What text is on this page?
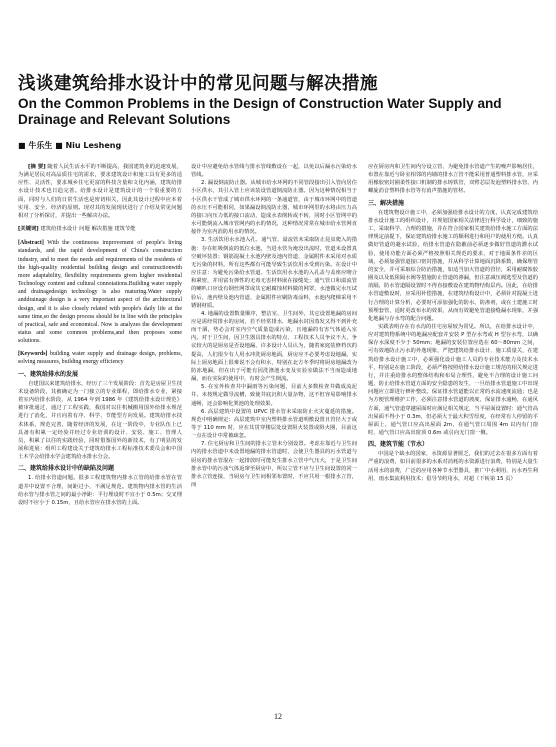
浅谈建筑给排水设计中的常见问题与解决措施
On the Common Problems in the Design of Construction Water Supply and Drainage and Relevant Solutions
■ 牛乐生 ■ Niu Lesheng

[摘 要] 随着人民生活水平的不断提高，我国建筑业的迅速发展，为满足居民对高品质住宅的需求，要求建筑设计和施工具有更多的适应性、灵活性，要求城乡住宅更富的科技含量和文化内涵，建筑给排水设计技术也日趋完善。给排水设计是建筑设计的一个很重要的方面，同时与人们的日常生活也是密切相关，因此其设计过程中应本着实用、安全、经济的原则。现对其的发展现状进行了介绍及常见问题相对了分析探讨，并提出一些解决办法。

[关键词] 建筑给排水设计 问题 解决措施 建筑节能

[Abstract] With the continuous improvement of people's living standards, and the rapid development of China's construction industry, and to meet the needs and requirements of the residents of the high-quality residential building design and constructionwith more adaptability, flexibility requirements given higher residential Technology content and cultural connotations.Building water supply and drainagedesign technology is also maturing.Water supply anddrainage design is a very important aspect of the architectural design, and it is also closely related with people's daily life at the same time,so the design process should be in line with the principles of practical, safe and economical. Now is analyzes the development status and some common problems,and then proposes some solutions.

[Keywords] building water supply and drainage design, problems, solving measures, building energy efficiency

一、建筑给排水的发展

自建国以来建筑给排水，经历了三个发展阶段：首先是房屋卫生技术设备阶段，其被确定为一门独立的专业课程，即给排水专业，紧接着室内给排水阶段，从 1964 年到 1986 年《建筑给排水设计规范》被审批通过，通过了工程实践，我国对以往机械搬用国外给排水规范进行了消化，并且向着有序、科学、节能型方向发展。建筑给排水技术体系，规范完善，随着经济的发展，在这一阶段中，专业队伍上已具备有积累一定经验并经过专业培训的设计、安装、施工、管理人员，积累了以往的实践经验，同时借鉴国外的新技术，有了明显的发展和进展：组织工程建设关于建筑给排水工程标准技术委员会和中国土木学会给排水学会建筑给水排水分会。

二、建筑给排水设计中的缺陷及问题

1. 给排水管道问题。很多工程建筑物内排水立管的给排水管在管道井中设置不合理，间距过小，不满足规范。建筑物内排水管的生活给水管与排水管之间的最小净距：平行埋设时不宜小于 0.5m；交叉埋设时不应小于 0.15m，且给水管应在排水管的上面。

设计中应避免给水管线与排水管线敷设在一起，以免以后漏水污染给水管线。

2. 漏设倒流防止器。从城市给水环网的不同管段接出引入管向居住小区供水，其引入管上应该装设管道倒流防止器。因为这种情况相当于小区供水干管成了城市供水环网的一条通道管，由于城市环网中的管道的水压不可能相同，如果漏设倒流防止器，城市环网里的水将由压力高的接口向压力低的接口流动，造成水表倒转或不转，同时小区管网中的水可能倒流入城市管网内的水的情况，这种情况常常在城市给水管网直接作为室内消防用水的情况。

3. 生活饮用水水池入孔、通气管、溢流管未采取防止昆虫爬入的措施：存在虹吸倒流的低位水池，当进水管为淹没出流时，管道未设置真空破坏装置；钢筋混凝土水池内壁及池内管道、金属附件未采用对水质无污染的材料。所有这些都有可能导致生活饮用水受到污染。在设计中应注意：为避免污染给水管道、生活饮用水水池的入孔盖与盖座应吻合和紧密，并用富有弹性的无毒无害材料嵌在接缝处；通气管口和溢流管的喇叭口应设有钢丝网罩或其它耐腐蚀材料做的网罩，水池做完水压试验后，池内壁及池内管道、金属附件应刷防毒涂料，水池内爬梯采用不锈钢材质。

4. 地漏的设置数量顺序，整洁室、卫生间外，其它设置地漏的房间应是需经常排水的房间，若不经常排水，地漏水封因蒸发又得不到补充而干涸，势必会对室内空气质量造成污染，且地漏的有害气体通入室内。对于卫生间，因卫生器具排水的特点，工程技术人员争议不大，争议较大的是厨房是否设地漏，许多设计人员认为，随着家庭装修档次的提高，人们很少有人用水冲洗厨房地面，厨房应不必要考虑设地漏。实际上厨房地面上很难说不会有积水，特别在北方冬季时将厨房地漏改为防冻地漏，但在出于可能有因洗涤池水变及实验室做法不当而造成地漏，而在实际的使用中，有时会产生倒流。

5. 在室外检查井中漏雨等污染问题，目前大多数检查井做成流泥井，未按规定做导流槽，致使井底沉积大量杂物，这不但容易影响排水通畅，还会影响化粪池的处理效果。

6. 高层建筑中设置的 UPVC 排水管未采取防止火灾蔓延的措施。规范中明确规定：高层建筑中室内塑料排水管道明敷设置且管径大于或等于 110 mm 时，应在其贯穿楼层处设置阻火装置或阻火圈，目前这一点在设计中常被疏忽。

7. 住宅厨房和卫生间的排水立管未分别设置。考虑在靠近与卫生间内的排水管道中未设置地漏的排水管道时，会使卫生器具的污水管道与厨房的排水管混在一起排放时可能发生排水立管中气压大，于是卫生间排水管中的污浊气体返窜至厨房中，所以立管不应与卫生间设置的同一排水立管连接，当厨房与卫生间相邻布置时，不应共用一根排水立管，而

应在厨房内和卫生间内分设立管，为避免排水管道产生的噪声影响居住，布置在靠近与卧室相邻的内墙的排水立管不能采用普通塑料排水管，应采用橡胶密封圈柔性接口机制的排水铸铁管，双臂芯层发泡塑料排水管、内螺旋消音塑料排水管等有消声措施的管材。

三、解决措施

在建筑物设计施工中，必须加强给排水设计的力度，认真完成建筑给排水设计施工的组织设计，并规划国家相关法律进行科学设计，细致的施工，采取科学、合理的措施，并在符合国家相关建筑给排水施工方面的法律规定前提下，保证建筑给排水施工的顺利进行和用户的使用方便。认真做好管道的避水试验，给排水管道在隐蔽前必须逐步做好管道的灌水试验，使用功能方面必须严格按照相关规范的要求，对于地面条件差的区域，必须加强管道接口密封措施，并从科学计算地面沉降系数，确保埋管的安全，并可采取综合防治措施，如适当加大管道的管径，采用耐腐蚀胶圈及以及低阻隔水阀等措施防止管道的渗漏，但注意减压阀选型及管道的消隔，防水管道隔设置时不得直接敷设在建筑物结构层内。因此，在给排水管道敷设时，应采用补偿措施，在建筑结构设计中，必须针对混凝土进行合理的计算分析，必要时可添加强化的防水、防渗剂，或在土建施工时预埋套管，适时更改布水的效果，从而有效避免管道接缝漏水现象，并强化地漏与存水弯的配合问题。

实践表明存在有水沟的住宅房屋较为常见。所以，在给排水设计中，应对建筑物系统中的地漏应配套并安装 P 型存水弯或 H 型存水弯，以确保存水深度不少于 50mm；地漏的安装位置应选在 60～80mm 之间，可有效地防止污水的外逸现象，严把建筑给排水设计、施工质量关，在建筑给排水设计施工中，必须强化设计施工人员的专业技术能力及技术水平，特别是在施工阶段，必须严格按照给排水设计施工规范的相关规定进行，并注重给排水的整体结构和布局合理性，避免不合理的设计施工问题，防止给排水管道方面的安全隐患的发生，一旦给排水管道施工中出现问题应立即进行修补整改。保证排水管道能以正常的水流速度流通；也是为方便管理维护工作，必须注意排水管道的坡度，保证排水通畅，在通风方面，通气管道穿越屋面时应满足相关规定，当平屋面设置时：通气管高出屋面不得小于 0.3m，但必须大于最大积雪厚度，在经常有人停留的平屋面上，通气管口应高出屋面 2m，在通气管口周围 4m 以内有门窗时，通气管口应高出窗顶 0.6m 或引向无门窗一侧。

四、建筑节能（节水）

中国是个缺水的国家，水资源显著匮乏，我们的过去在很多方面有着严重的浪费，如目前很多的水系对消耗的水资源进行浪费，特别是大量生活用水的浪费，广泛的应用各种节水型器具，推广中水利用，污水再生利用、雨水集流利用技术；倡导节约用水，对超（下转第 15 页）

12
